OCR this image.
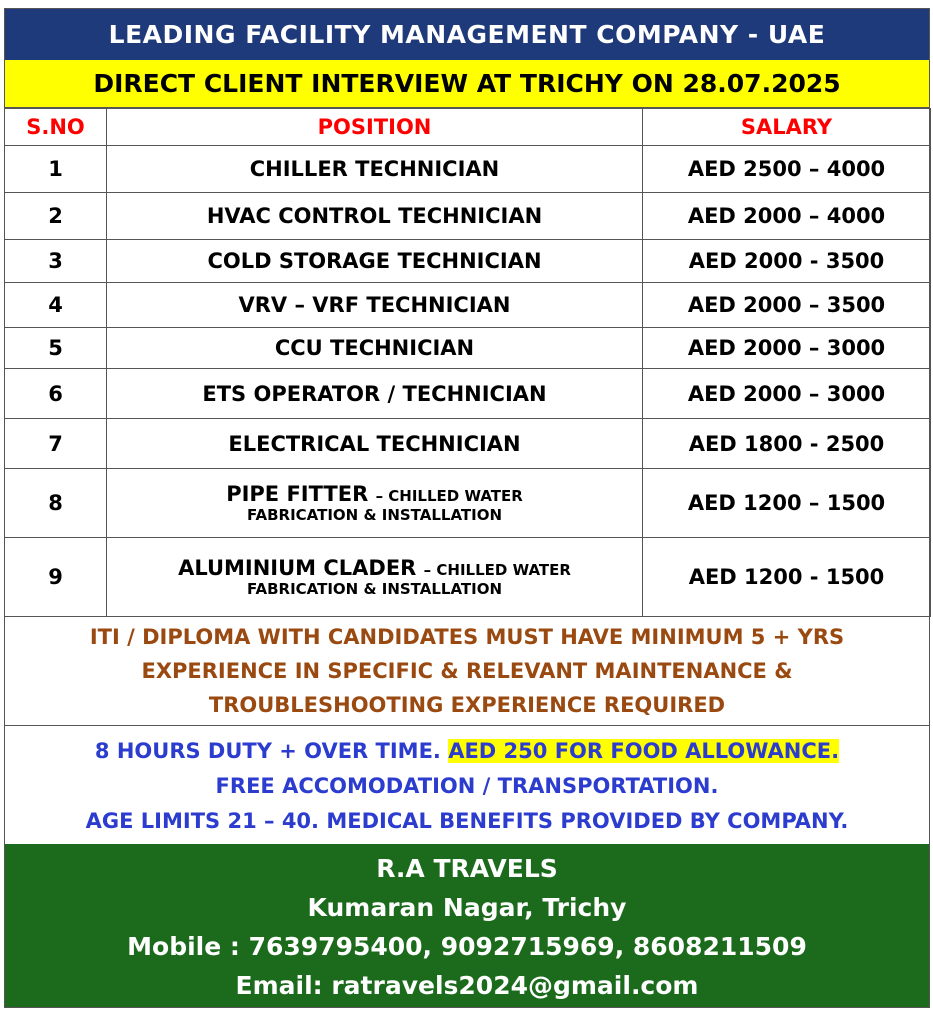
LEADING FACILITY MANAGEMENT COMPANY - UAE
DIRECT CLIENT INTERVIEW AT TRICHY ON 28.07.2025
S.NO	POSITION	SALARY
1	CHILLER TECHNICIAN	AED 2500 – 4000
2	HVAC CONTROL TECHNICIAN	AED 2000 – 4000
3	COLD STORAGE TECHNICIAN	AED 2000 - 3500
4	VRV – VRF TECHNICIAN	AED 2000 – 3500
5	CCU TECHNICIAN	AED 2000 – 3000
6	ETS OPERATOR / TECHNICIAN	AED 2000 – 3000
7	ELECTRICAL TECHNICIAN	AED 1800 - 2500
8	PIPE FITTER – CHILLED WATER
FABRICATION & INSTALLATION	AED 1200 – 1500
9	ALUMINIUM CLADER – CHILLED WATER
FABRICATION & INSTALLATION	AED 1200 - 1500
ITI / DIPLOMA WITH CANDIDATES MUST HAVE MINIMUM 5 + YRS
EXPERIENCE IN SPECIFIC & RELEVANT MAINTENANCE &
TROUBLESHOOTING EXPERIENCE REQUIRED
8 HOURS DUTY + OVER TIME. AED 250 FOR FOOD ALLOWANCE.
FREE ACCOMODATION / TRANSPORTATION.
AGE LIMITS 21 – 40. MEDICAL BENEFITS PROVIDED BY COMPANY.
R.A TRAVELS
Kumaran Nagar, Trichy
Mobile : 7639795400, 9092715969, 8608211509
Email: ratravels2024@gmail.com
